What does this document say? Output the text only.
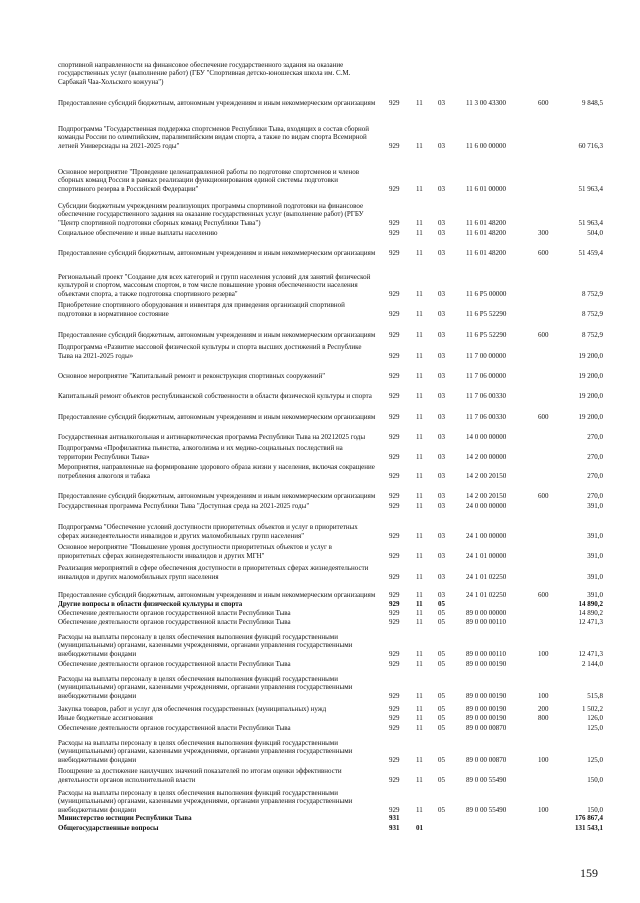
спортивной направленности на финансовое обеспечение государственного задания на оказание государственных услуг (выполнение работ) (ГБУ "Спортивная детско-юношеская школа им. С.М. Сарбакай Чаа-Хольского кожууна")
Предоставление субсидий бюджетным, автономным учреждениям и иным некоммерческим организациям 929	11	03	11 3 00 43300	600	9 848,5
Подпрограмма "Государственная поддержка спортсменов Республики Тыва, входящих в состав сборной команды России по олимпийским, паралимпийским видам спорта, а также по видам спорта Всемирной летней Универсиады на 2021-2025 годы"	929	11	03	11 6 00 00000	60 716,3
Основное мероприятие "Проведение целенаправленной работы по подготовке спортсменов и членов сборных команд России в рамках реализации функционирования единой системы подготовки спортивного резерва в Российской Федерации"	929	11	03	11 6 01 00000	51 963,4
Субсидии бюджетным учреждениям реализующих программы спортивной подготовки на финансовое обеспечение государственного задания на оказание государственных услуг (выполнение работ) (РГБУ "Центр спортивной подготовки сборных команд Республики Тыва")	929	11	03	11 6 01 48200	51 963,4
Социальное обеспечение и иные выплаты населению	929	11	03	11 6 01 48200	300	504,0
Предоставление субсидий бюджетным, автономным учреждениям и иным некоммерческим организациям 929	11	03	11 6 01 48200	600	51 459,4
Региональный проект "Создание для всех категорий и групп населения условий для занятий физической культурой и спортом, массовым спортом, в том числе повышение уровня обеспеченности населения объектами спорта, а также подготовка спортивного резерва"	929	11	03	11 6 P5 00000	8 752,9
Приобретение спортивного оборудования и инвентаря для приведения организаций спортивной подготовки в нормативное состояние	929	11	03	11 6 P5 52290	8 752,9
Предоставление субсидий бюджетным, автономным учреждениям и иным некоммерческим организациям 929	11	03	11 6 P5 52290	600	8 752,9
Подпрограмма «Развитие массовой физической культуры и спорта высших достижений в Республике Тыва на 2021-2025 годы»	929	11	03	11 7 00 00000	19 200,0
Основное мероприятие "Капитальный ремонт и реконструкция спортивных сооружений"	929	11	03	11 7 06 00000	19 200,0
Капитальный ремонт объектов республиканской собственности в области физической культуры и спорта	929	11	03	11 7 06 00330	19 200,0
Предоставление субсидий бюджетным, автономным учреждениям и иным некоммерческим организациям 929	11	03	11 7 06 00330	600	19 200,0
Государственная антиалкогольная и антинаркотическая программа Республики Тыва на 20212025 годы	929	11	03	14 0 00 00000	270,0
Подпрограмма «Профилактика пьянства, алкоголизма и их медико-социальных последствий на территории Республики Тыва»	929	11	03	14 2 00 00000	270,0
Мероприятия, направленные на формирование здорового образа жизни у населения, включая сокращение потребления алкоголя и табака	929	11	03	14 2 00 20150	270,0
Предоставление субсидий бюджетным, автономным учреждениям и иным некоммерческим организациям 929	11	03	14 2 00 20150	600	270,0
Государственная программа Республики Тыва "Доступная среда на 2021-2025 годы"	929	11	03	24 0 00 00000	391,0
Подпрограмма "Обеспечение условий доступности приоритетных объектов и услуг в приоритетных сферах жизнедеятельности инвалидов и других маломобильных групп населения"	929	11	03	24 1 00 00000	391,0
Основное мероприятие "Повышение уровня доступности приоритетных объектов и услуг в приоритетных сферах жизнедеятельности инвалидов и других МГН"	929	11	03	24 1 01 00000	391,0
Реализация мероприятий в сфере обеспечения доступности в приоритетных сферах жизнедеятельности инвалидов и других маломобильных групп населения	929	11	03	24 1 01 02250	391,0
Предоставление субсидий бюджетным, автономным учреждениям и иным некоммерческим организациям 929	11	03	24 1 01 02250	600	391,0
Другие вопросы в области физической культуры и спорта	929	11	05	14 890,2
Обеспечение деятельности органов государственной власти Республики Тыва	929	11	05	89 0 00 00000	14 890,2
Обеспечение деятельности органов государственной власти Республики Тыва	929	11	05	89 0 00 00110	12 471,3
Расходы на выплаты персоналу в целях обеспечения выполнения функций государственными (муниципальными) органами, казенными учреждениями, органами управления государственными внебюджетными фондами	929	11	05	89 0 00 00110	100	12 471,3
Обеспечение деятельности органов государственной власти Республики Тыва	929	11	05	89 0 00 00190	2 144,0
Расходы на выплаты персоналу в целях обеспечения выполнения функций государственными (муниципальными) органами, казенными учреждениями, органами управления государственными внебюджетными фондами	929	11	05	89 0 00 00190	100	515,8
Закупка товаров, работ и услуг для обеспечения государственных (муниципальных) нужд	929	11	05	89 0 00 00190	200	1 502,2
Иные бюджетные ассигнования	929	11	05	89 0 00 00190	800	126,0
Обеспечение деятельности органов государственной власти Республики Тыва	929	11	05	89 0 00 00870	125,0
Расходы на выплаты персоналу в целях обеспечения выполнения функций государственными (муниципальными) органами, казенными учреждениями, органами управления государственными внебюджетными фондами	929	11	05	89 0 00 00870	100	125,0
Поощрение за достижение наилучших значений показателей по итогам оценки эффективности деятельности органов исполнительной власти	929	11	05	89 0 00 55490	150,0
Расходы на выплаты персоналу в целях обеспечения выполнения функций государственными (муниципальными) органами, казенными учреждениями, органами управления государственными внебюджетными фондами	929	11	05	89 0 00 55490	100	150,0
Министерство юстиции Республики Тыва	931	176 867,4
Общегосударственные вопросы	931	01	131 543,1
159
